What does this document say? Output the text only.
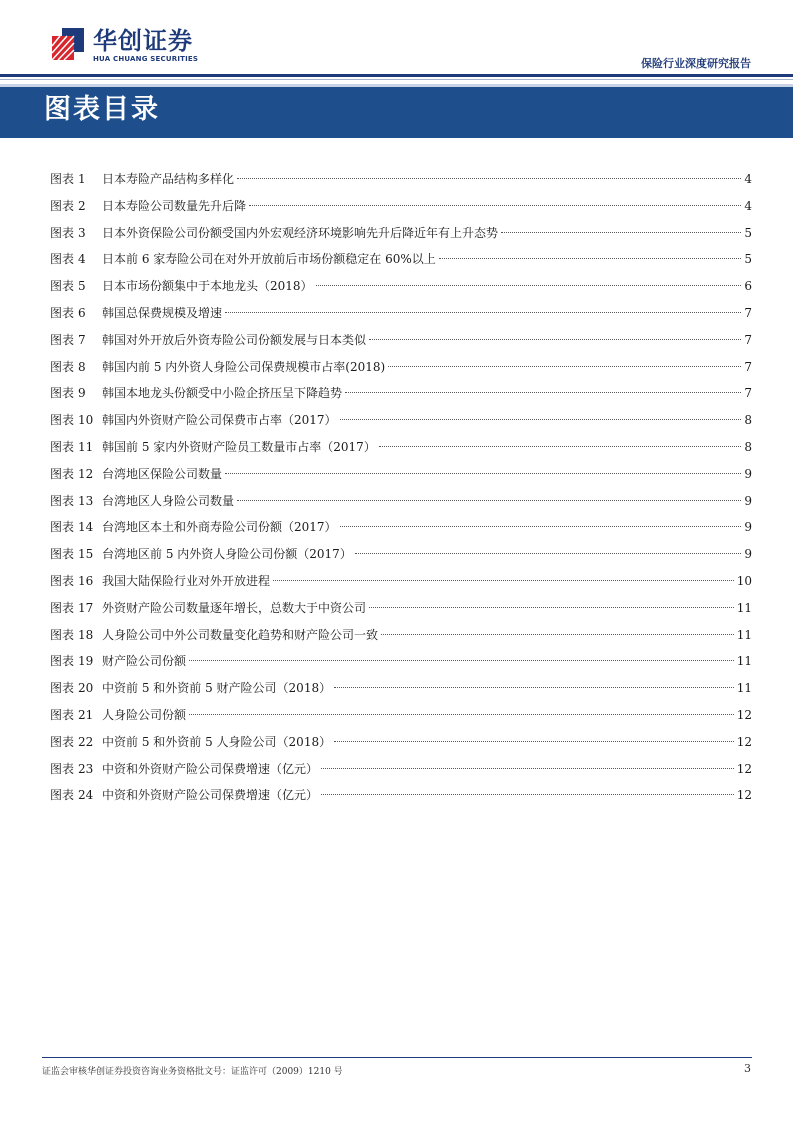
华创证券
HUA CHUANG SECURITIES	保险行业深度研究报告
图表目录
图表 1	日本寿险产品结构多样化	4
图表 2	日本寿险公司数量先升后降	4
图表 3	日本外资保险公司份额受国内外宏观经济环境影响先升后降近年有上升态势	5
图表 4	日本前 6 家寿险公司在对外开放前后市场份额稳定在 60%以上	5
图表 5	日本市场份额集中于本地龙头（2018）	6
图表 6	韩国总保费规模及增速	7
图表 7	韩国对外开放后外资寿险公司份额发展与日本类似	7
图表 8	韩国内前 5 内外资人身险公司保费规模市占率(2018)	7
图表 9	韩国本地龙头份额受中小险企挤压呈下降趋势	7
图表 10 韩国内外资财产险公司保费市占率（2017）	8
图表 11 韩国前 5 家内外资财产险员工数量市占率（2017）	8
图表 12 台湾地区保险公司数量	9
图表 13 台湾地区人身险公司数量	9
图表 14 台湾地区本土和外商寿险公司份额（2017）	9
图表 15 台湾地区前 5 内外资人身险公司份额（2017）	9
图表 16 我国大陆保险行业对外开放进程	10
图表 17 外资财产险公司数量逐年增长，总数大于中资公司	11
图表 18 人身险公司中外公司数量变化趋势和财产险公司一致	11
图表 19 财产险公司份额	11
图表 20 中资前 5 和外资前 5 财产险公司（2018）	11
图表 21 人身险公司份额	12
图表 22 中资前 5 和外资前 5 人身险公司（2018）	12
图表 23 中资和外资财产险公司保费增速（亿元）	12
图表 24 中资和外资财产险公司保费增速（亿元）	12
证监会审核华创证券投资咨询业务资格批文号：证监许可（2009）1210 号	3
